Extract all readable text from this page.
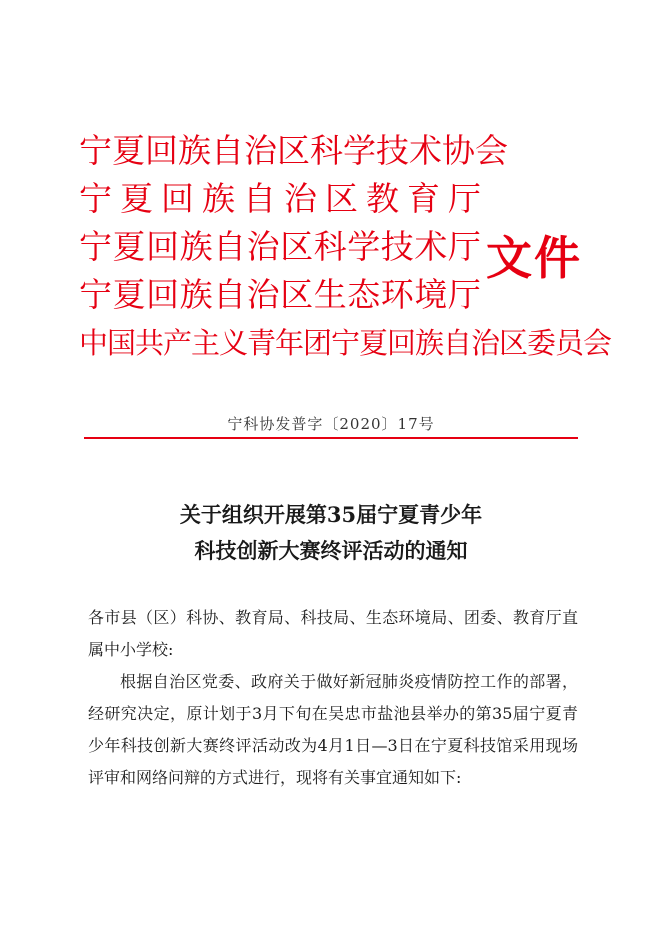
宁 夏 回 族 自 治 区 科 学 技 术 协 会
宁 夏 回 族 自 治 区 教 育 厅
宁 夏 回 族 自 治 区 科 学 技 术 厅
宁 夏 回 族 自 治 区 生 态 环 境 厅
中国共产主义青年团宁夏回族自治区委员会
文件
宁科协发普字〔2020〕17号
关于组织开展第35届宁夏青少年
科技创新大赛终评活动的通知

各市县（区）科协、教育局、科技局、生态环境局、团委、教育厅直属中小学校:

根据自治区党委、政府关于做好新冠肺炎疫情防控工作的部署，经研究决定，原计划于3月下旬在吴忠市盐池县举办的第35届宁夏青少年科技创新大赛终评活动改为4月1日—3日在宁夏科技馆采用现场评审和网络问辩的方式进行，现将有关事宜通知如下:
